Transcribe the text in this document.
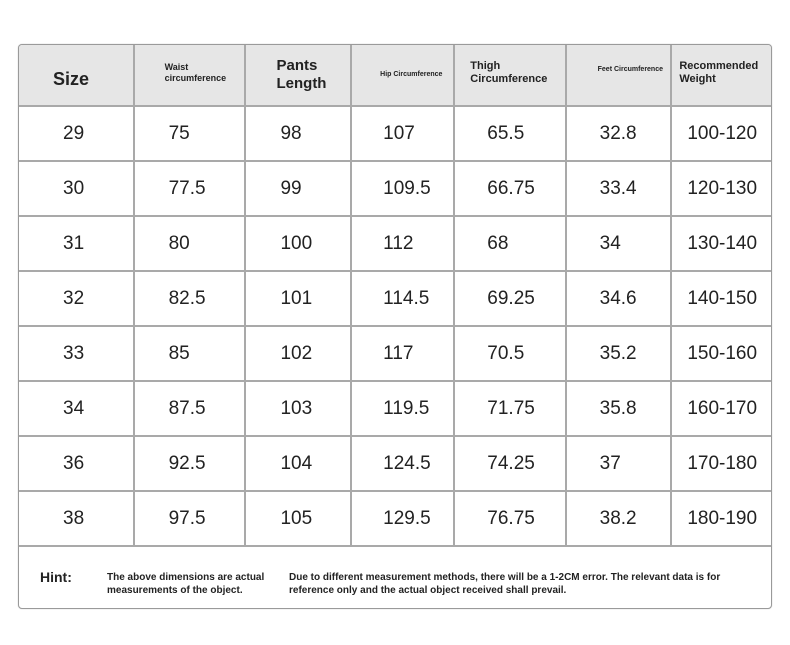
Size	Waist circumference	Pants Length	Hip Circumference	Thigh Circumference	Feet Circumference	Recommended Weight
29	75	98	107	65.5	32.8	100-120
30	77.5	99	109.5	66.75	33.4	120-130
31	80	100	112	68	34	130-140
32	82.5	101	114.5	69.25	34.6	140-150
33	85	102	117	70.5	35.2	150-160
34	87.5	103	119.5	71.75	35.8	160-170
36	92.5	104	124.5	74.25	37	170-180
38	97.5	105	129.5	76.75	38.2	180-190
Hint:	The above dimensions are actual measurements of the object.
Due to different measurement methods, there will be a 1-2CM error. The relevant data is for reference only and the actual object received shall prevail.
